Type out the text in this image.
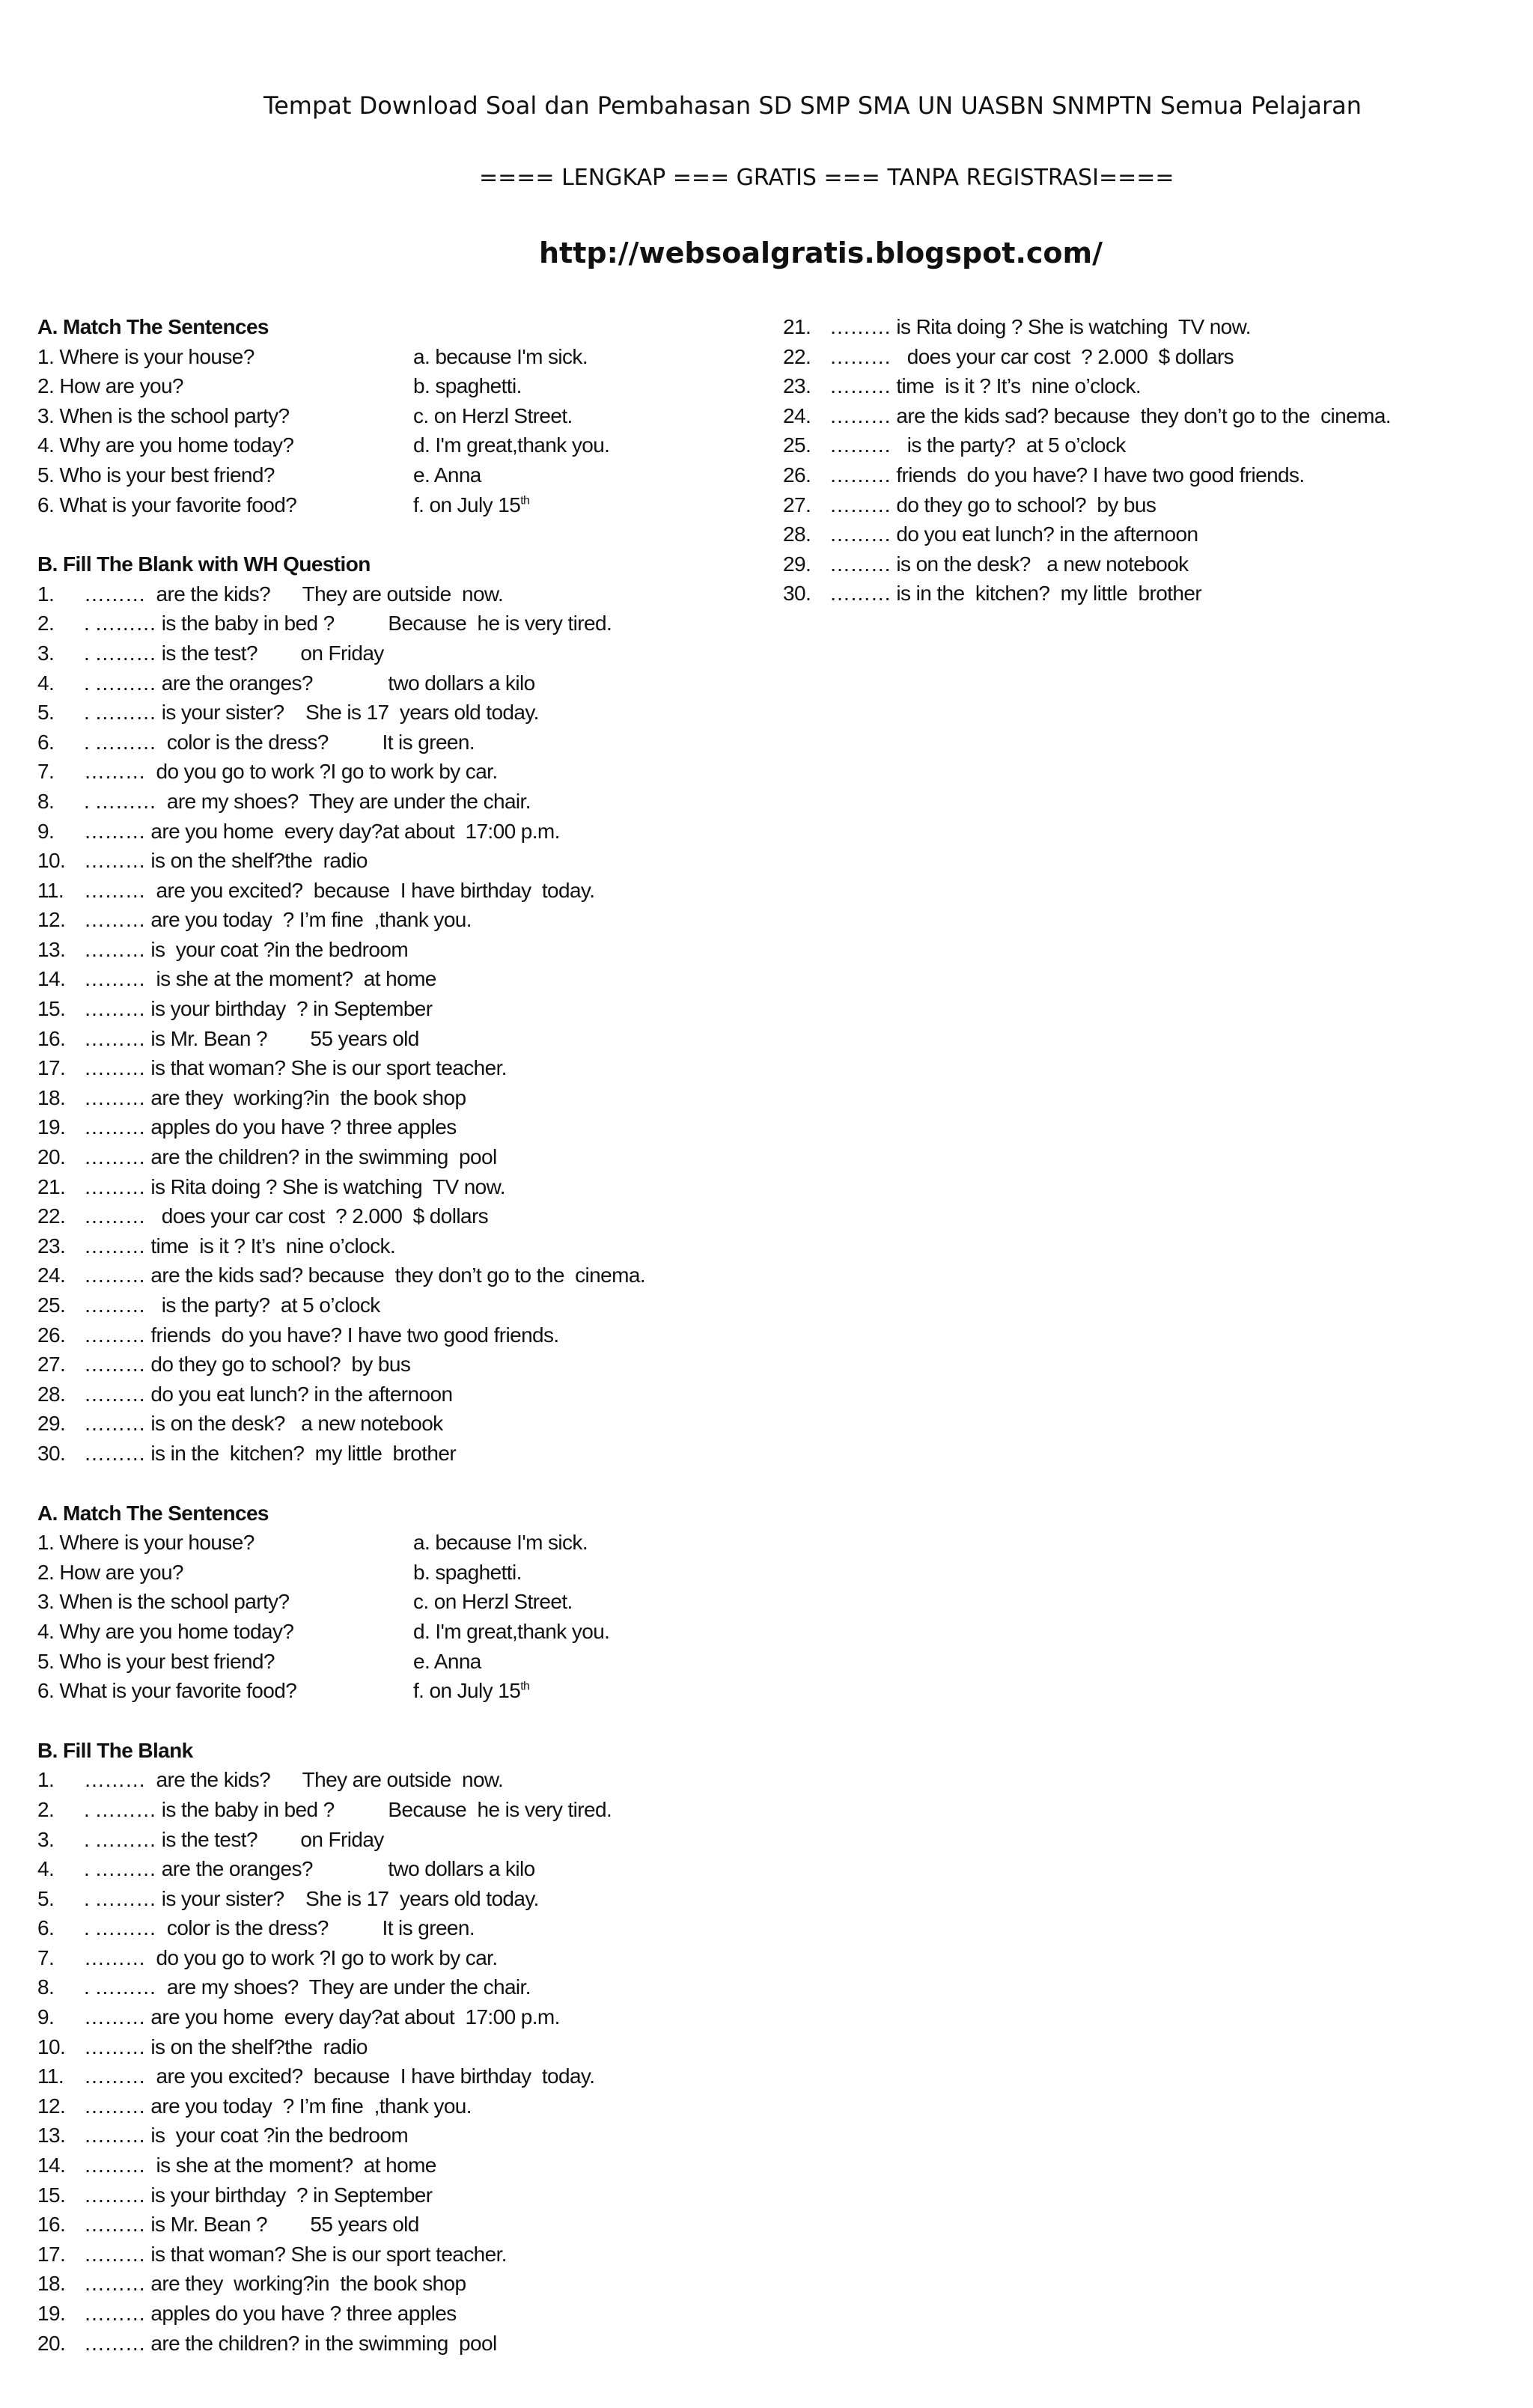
Tempat Download Soal dan Pembahasan SD SMP SMA UN UASBN SNMPTN Semua Pelajaran
==== LENGKAP === GRATIS === TANPA REGISTRASI====
http://websoalgratis.blogspot.com/
A. Match The Sentences
1. Where is your house?	a. because I'm sick.
2. How are you?	b. spaghetti.
3. When is the school party?	c. on Herzl Street.
4. Why are you home today?	d. I'm great,thank you.
5. Who is your best friend?	e. Anna
6. What is your favorite food?	f. on July 15th
B. Fill The Blank with WH Question
1. ………  are the kids?      They are outside  now.
2. . ……… is the baby in bed ?          Because  he is very tired.
3. . ……… is the test?        on Friday
4. . ……… are the oranges?              two dollars a kilo
5. . ……… is your sister?    She is 17  years old today.
6. . ………  color is the dress?          It is green.
7. ………  do you go to work ?I go to work by car.
8. . ………  are my shoes?  They are under the chair.
9. ……… are you home  every day?at about  17:00 p.m.
10. ……… is on the shelf?the  radio
11. ………  are you excited?  because  I have birthday  today.
12. ……… are you today  ? I’m fine  ,thank you.
13. ……… is  your coat ?in the bedroom
14. ………  is she at the moment?  at home
15. ……… is your birthday  ? in September
16. ……… is Mr. Bean ?        55 years old
17. ……… is that woman? She is our sport teacher.
18. ……… are they  working?in  the book shop
19. ……… apples do you have ? three apples
20. ……… are the children? in the swimming  pool
21. ……… is Rita doing ? She is watching  TV now.
22. ………   does your car cost  ? 2.000  $ dollars
23. ……… time  is it ? It’s  nine o’clock.
24. ……… are the kids sad? because  they don’t go to the  cinema.
25. ………   is the party?  at 5 o’clock
26. ……… friends  do you have? I have two good friends.
27. ……… do they go to school?  by bus
28. ……… do you eat lunch? in the afternoon
29. ……… is on the desk?   a new notebook
30. ……… is in the  kitchen?  my little  brother
A. Match The Sentences
1. Where is your house?	a. because I'm sick.
2. How are you?	b. spaghetti.
3. When is the school party?	c. on Herzl Street.
4. Why are you home today?	d. I'm great,thank you.
5. Who is your best friend?	e. Anna
6. What is your favorite food?	f. on July 15th
B. Fill The Blank
1. ………  are the kids?      They are outside  now.
2. . ……… is the baby in bed ?          Because  he is very tired.
3. . ……… is the test?        on Friday
4. . ……… are the oranges?              two dollars a kilo
5. . ……… is your sister?    She is 17  years old today.
6. . ………  color is the dress?          It is green.
7. ………  do you go to work ?I go to work by car.
8. . ………  are my shoes?  They are under the chair.
9. ……… are you home  every day?at about  17:00 p.m.
10. ……… is on the shelf?the  radio
11. ………  are you excited?  because  I have birthday  today.
12. ……… are you today  ? I’m fine  ,thank you.
13. ……… is  your coat ?in the bedroom
14. ………  is she at the moment?  at home
15. ……… is your birthday  ? in September
16. ……… is Mr. Bean ?        55 years old
17. ……… is that woman? She is our sport teacher.
18. ……… are they  working?in  the book shop
19. ……… apples do you have ? three apples
20. ……… are the children? in the swimming  pool
21. ……… is Rita doing ? She is watching  TV now.
22. ………   does your car cost  ? 2.000  $ dollars
23. ……… time  is it ? It’s  nine o’clock.
24. ……… are the kids sad? because  they don’t go to the  cinema.
25. ………   is the party?  at 5 o’clock
26. ……… friends  do you have? I have two good friends.
27. ……… do they go to school?  by bus
28. ……… do you eat lunch? in the afternoon
29. ……… is on the desk?   a new notebook
30. ……… is in the  kitchen?  my little  brother
